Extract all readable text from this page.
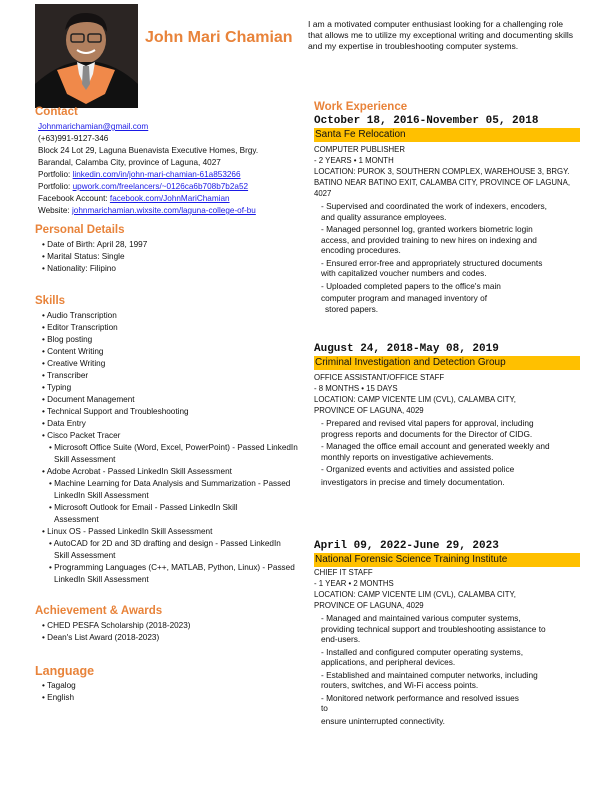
John Mari Chamian
I am a motivated computer enthusiast looking for a challenging role that allows me to utilize my exceptional writing and documenting skills and my expertise in troubleshooting computer systems.
Contact
Johnmarichamian@gmail.com
(+63)991-9127-346
Block 24 Lot 29, Laguna Buenavista Executive Homes, Brgy.
Barandal, Calamba City, province of Laguna, 4027
Portfolio: linkedin.com/in/john-mari-chamian-61a853266
Portfolio: upwork.com/freelancers/~0126ca6b708b7b2a52
Facebook Account: facebook.com/JohnMariChamian
Website: johnmarichamian.wixsite.com/laguna-college-of-bu
Personal Details
• Date of Birth: April 28, 1997
• Marital Status: Single
• Nationality: Filipino
Skills
• Audio Transcription
• Editor Transcription
• Blog posting
• Content Writing
• Creative Writing
• Transcriber
• Typing
• Document Management
• Technical Support and Troubleshooting
• Data Entry
• Cisco Packet Tracer
• Microsoft Office Suite (Word, Excel, PowerPoint) - Passed LinkedIn Skill Assessment
• Adobe Acrobat - Passed LinkedIn Skill Assessment
• Machine Learning for Data Analysis and Summarization - Passed LinkedIn Skill Assessment
• Microsoft Outlook for Email - Passed LinkedIn Skill Assessment
• Linux OS - Passed LinkedIn Skill Assessment
• AutoCAD for 2D and 3D drafting and design - Passed LinkedIn Skill Assessment
• Programming Languages (C++, MATLAB, Python, Linux) - Passed LinkedIn Skill Assessment
Achievement & Awards
• CHED PESFA Scholarship (2018-2023)
• Dean's List Award (2018-2023)
Language
• Tagalog
• English
Work Experience
October 18, 2016-November 05, 2018
Santa Fe Relocation
COMPUTER PUBLISHER
- 2 YEARS • 1 MONTH
LOCATION: PUROK 3, SOUTHERN COMPLEX, WAREHOUSE 3, BRGY. BATINO NEAR BATINO EXIT, CALAMBA CITY, PROVINCE OF LAGUNA, 4027
- Supervised and coordinated the work of indexers, encoders, and quality assurance employees.
- Managed personnel log, granted workers biometric login access, and provided training to new hires on indexing and encoding procedures.
- Ensured error-free and appropriately structured documents with capitalized voucher numbers and codes.
- Uploaded completed papers to the office's main
computer program and managed inventory of
stored papers.
August 24, 2018-May 08, 2019
Criminal Investigation and Detection Group
OFFICE ASSISTANT/OFFICE STAFF
- 8 MONTHS • 15 DAYS
LOCATION: CAMP VICENTE LIM (CVL), CALAMBA CITY, PROVINCE OF LAGUNA, 4029
- Prepared and revised vital papers for approval, including progress reports and documents for the Director of CIDG.
- Managed the office email account and generated weekly and monthly reports on investigative achievements.
- Organized events and activities and assisted police
investigators in precise and timely documentation.
April 09, 2022-June 29, 2023
National Forensic Science Training Institute
CHIEF IT STAFF
- 1 YEAR • 2 MONTHS
LOCATION: CAMP VICENTE LIM (CVL), CALAMBA CITY, PROVINCE OF LAGUNA, 4029
- Managed and maintained various computer systems, providing technical support and troubleshooting assistance to end-users.
- Installed and configured computer operating systems, applications, and peripheral devices.
- Established and maintained computer networks, including routers, switches, and Wi-Fi access points.
- Monitored network performance and resolved issues to
ensure uninterrupted connectivity.
